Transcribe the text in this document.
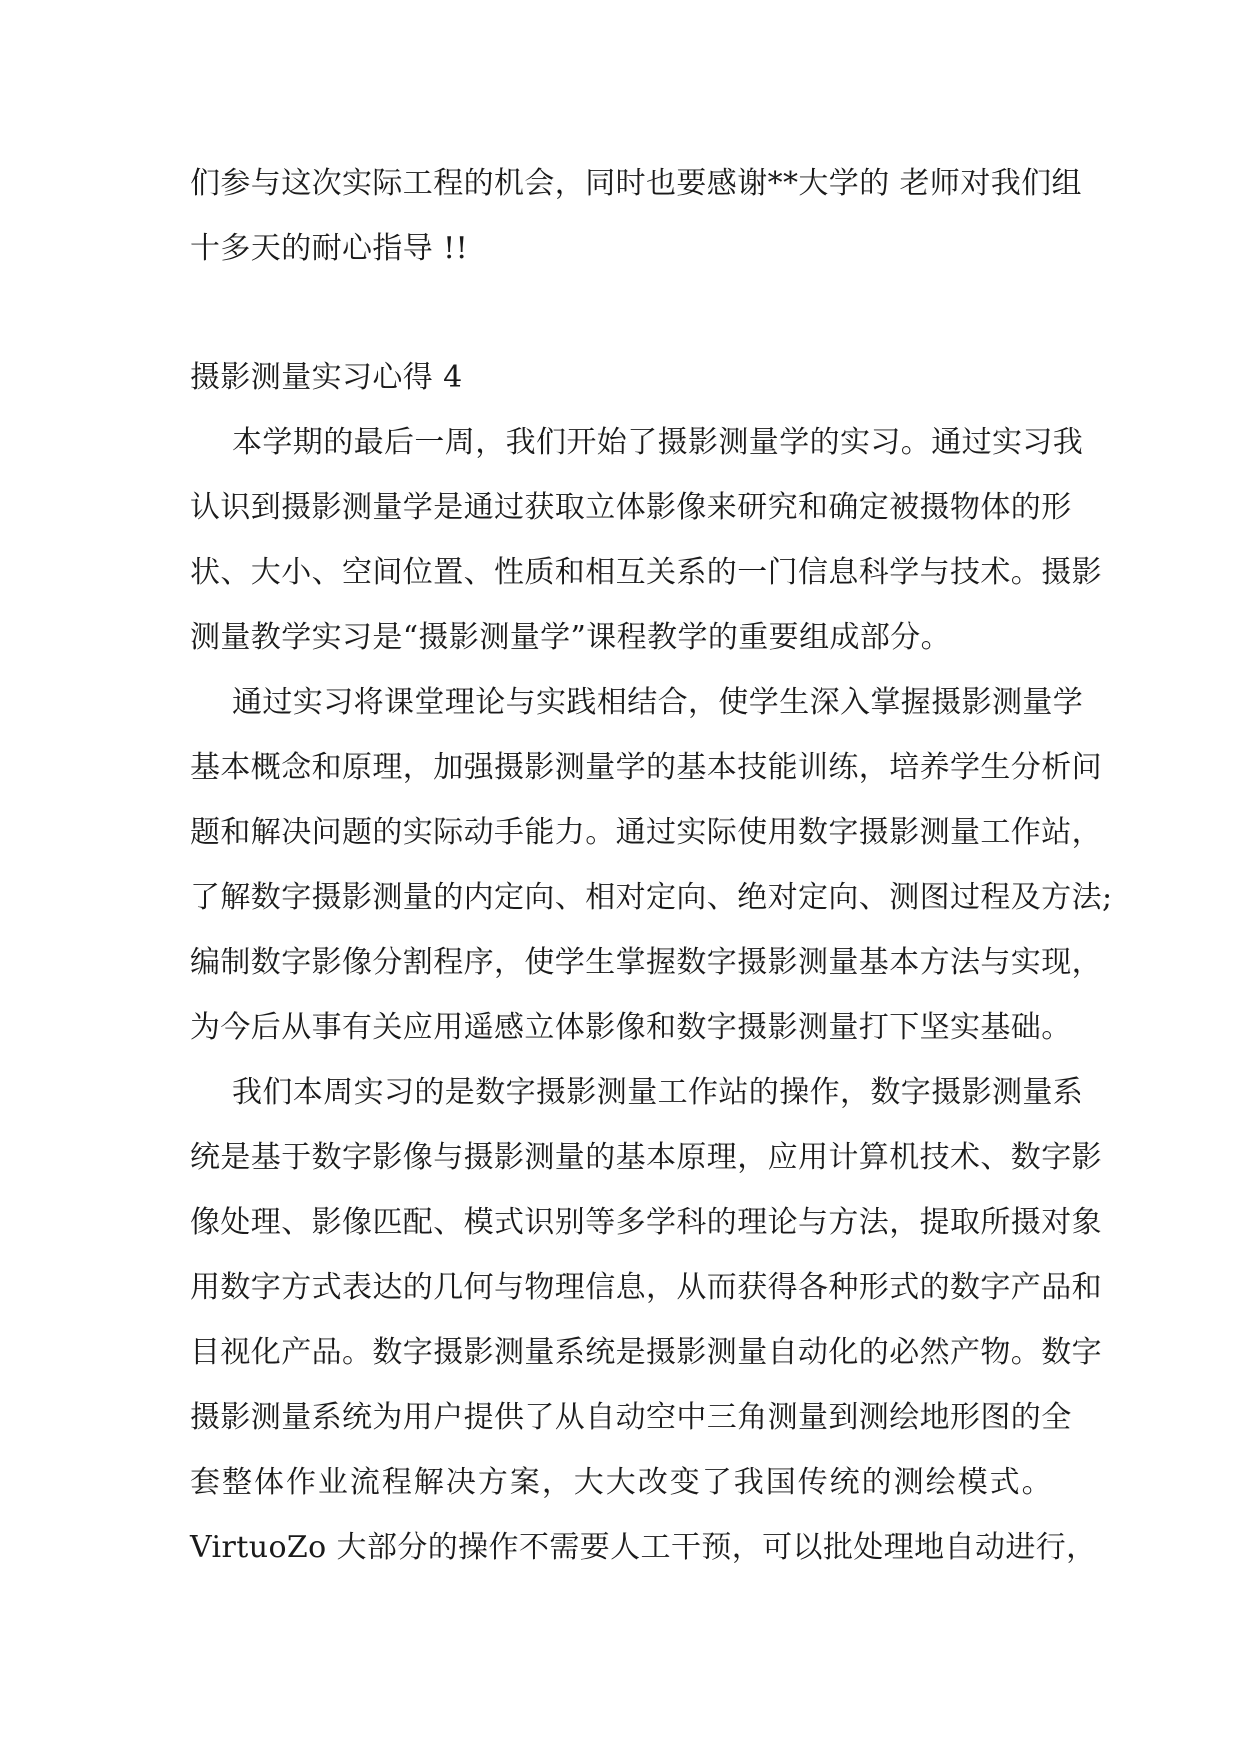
们参与这次实际工程的机会，同时也要感谢**大学的 老师对我们组
十多天的耐心指导 !!
摄影测量实习心得 4
本学期的最后一周，我们开始了摄影测量学的实习。通过实习我
认识到摄影测量学是通过获取立体影像来研究和确定被摄物体的形
状、大小、空间位置、性质和相互关系的一门信息科学与技术。摄影
测量教学实习是“摄影测量学”课程教学的重要组成部分。
通过实习将课堂理论与实践相结合，使学生深入掌握摄影测量学
基本概念和原理，加强摄影测量学的基本技能训练，培养学生分析问
题和解决问题的实际动手能力。通过实际使用数字摄影测量工作站，
了解数字摄影测量的内定向、相对定向、绝对定向、测图过程及方法;
编制数字影像分割程序，使学生掌握数字摄影测量基本方法与实现，
为今后从事有关应用遥感立体影像和数字摄影测量打下坚实基础。
我们本周实习的是数字摄影测量工作站的操作，数字摄影测量系
统是基于数字影像与摄影测量的基本原理，应用计算机技术、数字影
像处理、影像匹配、模式识别等多学科的理论与方法，提取所摄对象
用数字方式表达的几何与物理信息，从而获得各种形式的数字产品和
目视化产品。数字摄影测量系统是摄影测量自动化的必然产物。数字
摄影测量系统为用户提供了从自动空中三角测量到测绘地形图的全
套整体作业流程解决方案，大大改变了我国传统的测绘模式。
VirtuoZo 大部分的操作不需要人工干预，可以批处理地自动进行，
